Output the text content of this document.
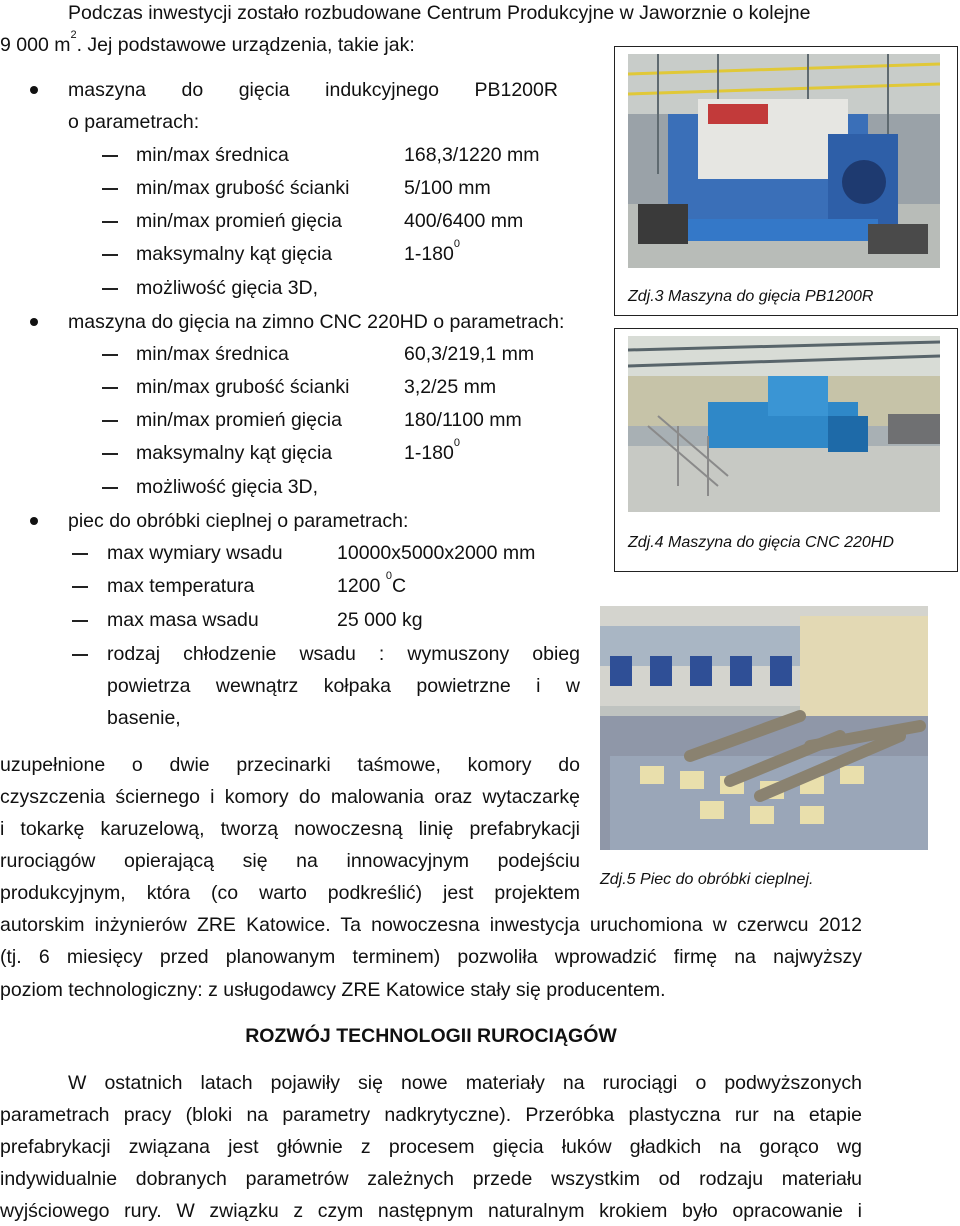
Podczas inwestycji zostało rozbudowane Centrum Produkcyjne w Jaworznie o kolejne
9 000 $m^2$. Jej podstawowe urządzenia, takie jak:
maszyna do gięcia indukcyjnego PB1200R
o parametrach:
min/max średnica	168,3/1220 mm
min/max grubość ścianki	5/100 mm
min/max promień gięcia	400/6400 mm
maksymalny kąt gięcia	$1-180^0$
możliwość gięcia 3D,
maszyna do gięcia na zimno CNC 220HD o parametrach:
min/max średnica	60,3/219,1 mm
min/max grubość ścianki	3,2/25 mm
min/max promień gięcia	180/1100 mm
maksymalny kąt gięcia	$1-180^0$
możliwość gięcia 3D,
piec do obróbki cieplnej o parametrach:
max wymiary wsadu	10000x5000x2000 mm
max temperatura	1200 $^0$C
max masa wsadu	25 000 kg
rodzaj chłodzenie wsadu : wymuszony obieg
powietrza wewnątrz kołpaka powietrzne i w
basenie,
uzupełnione o dwie przecinarki taśmowe, komory do
czyszczenia ściernego i komory do malowania oraz wytaczarkę
i tokarkę karuzelową, tworzą nowoczesną linię prefabrykacji
rurociągów opierającą się na innowacyjnym podejściu
produkcyjnym, która (co warto podkreślić) jest projektem
autorskim inżynierów ZRE Katowice. Ta nowoczesna inwestycja uruchomiona w czerwcu 2012
(tj. 6 miesięcy przed planowanym terminem) pozwoliła wprowadzić firmę na najwyższy
poziom technologiczny: z usługodawcy ZRE Katowice stały się producentem.
ROZWÓJ TECHNOLOGII RUROCIĄGÓW
W ostatnich latach pojawiły się nowe materiały na rurociągi o podwyższonych
parametrach pracy (bloki na parametry nadkrytyczne). Przeróbka plastyczna rur na etapie
prefabrykacji związana jest głównie z procesem gięcia łuków gładkich na gorąco wg
indywidualnie dobranych parametrów zależnych przede wszystkim od rodzaju materiału
wyjściowego rury. W związku z czym następnym naturalnym krokiem było opracowanie i
Zdj.3 Maszyna do gięcia PB1200R
Zdj.4 Maszyna do gięcia CNC 220HD
Zdj.5 Piec do obróbki cieplnej.
